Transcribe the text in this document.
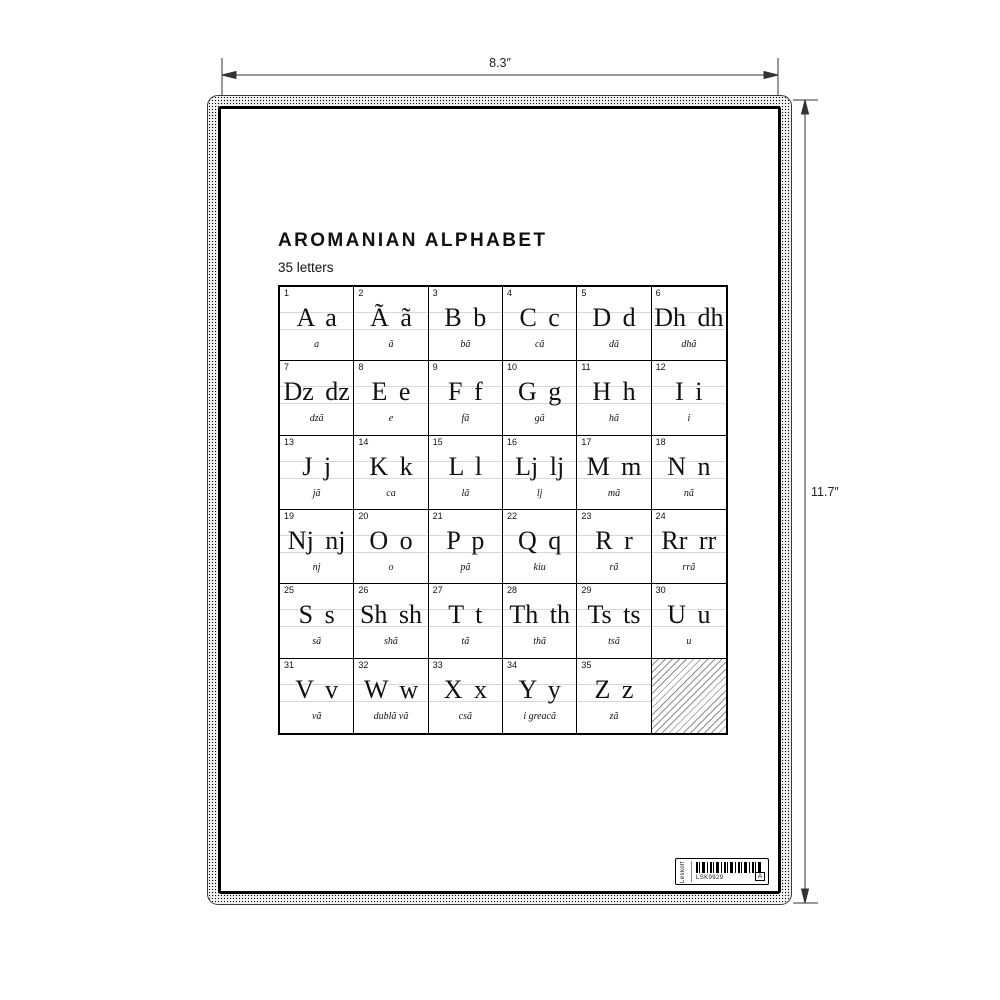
8.3″
11.7″
AROMANIAN ALPHABET
35 letters
1
A a
a
2
Ã ã
ã
3
B b
bã
4
C c
cã
5
D d
dã
6
Dh dh
dhã
7
Dz dz
dzã
8
E e
e
9
F f
fã
10
G g
gã
11
H h
hã
12
I i
i
13
J j
jã
14
K k
ca
15
L l
lã
16
Lj lj
lj
17
M m
mã
18
N n
nã
19
Nj nj
nj
20
O o
o
21
P p
pã
22
Q q
kiu
23
R r
rã
24
Rr rr
rrã
25
S s
sã
26
Sh sh
shã
27
T t
tã
28
Th th
thã
29
Ts ts
tsã
30
U u
u
31
V v
vã
32
W w
dublã vã
33
X x
csã
34
Y y
i greacã
35
Z z
zã
Leskoff	LSK9929	A
